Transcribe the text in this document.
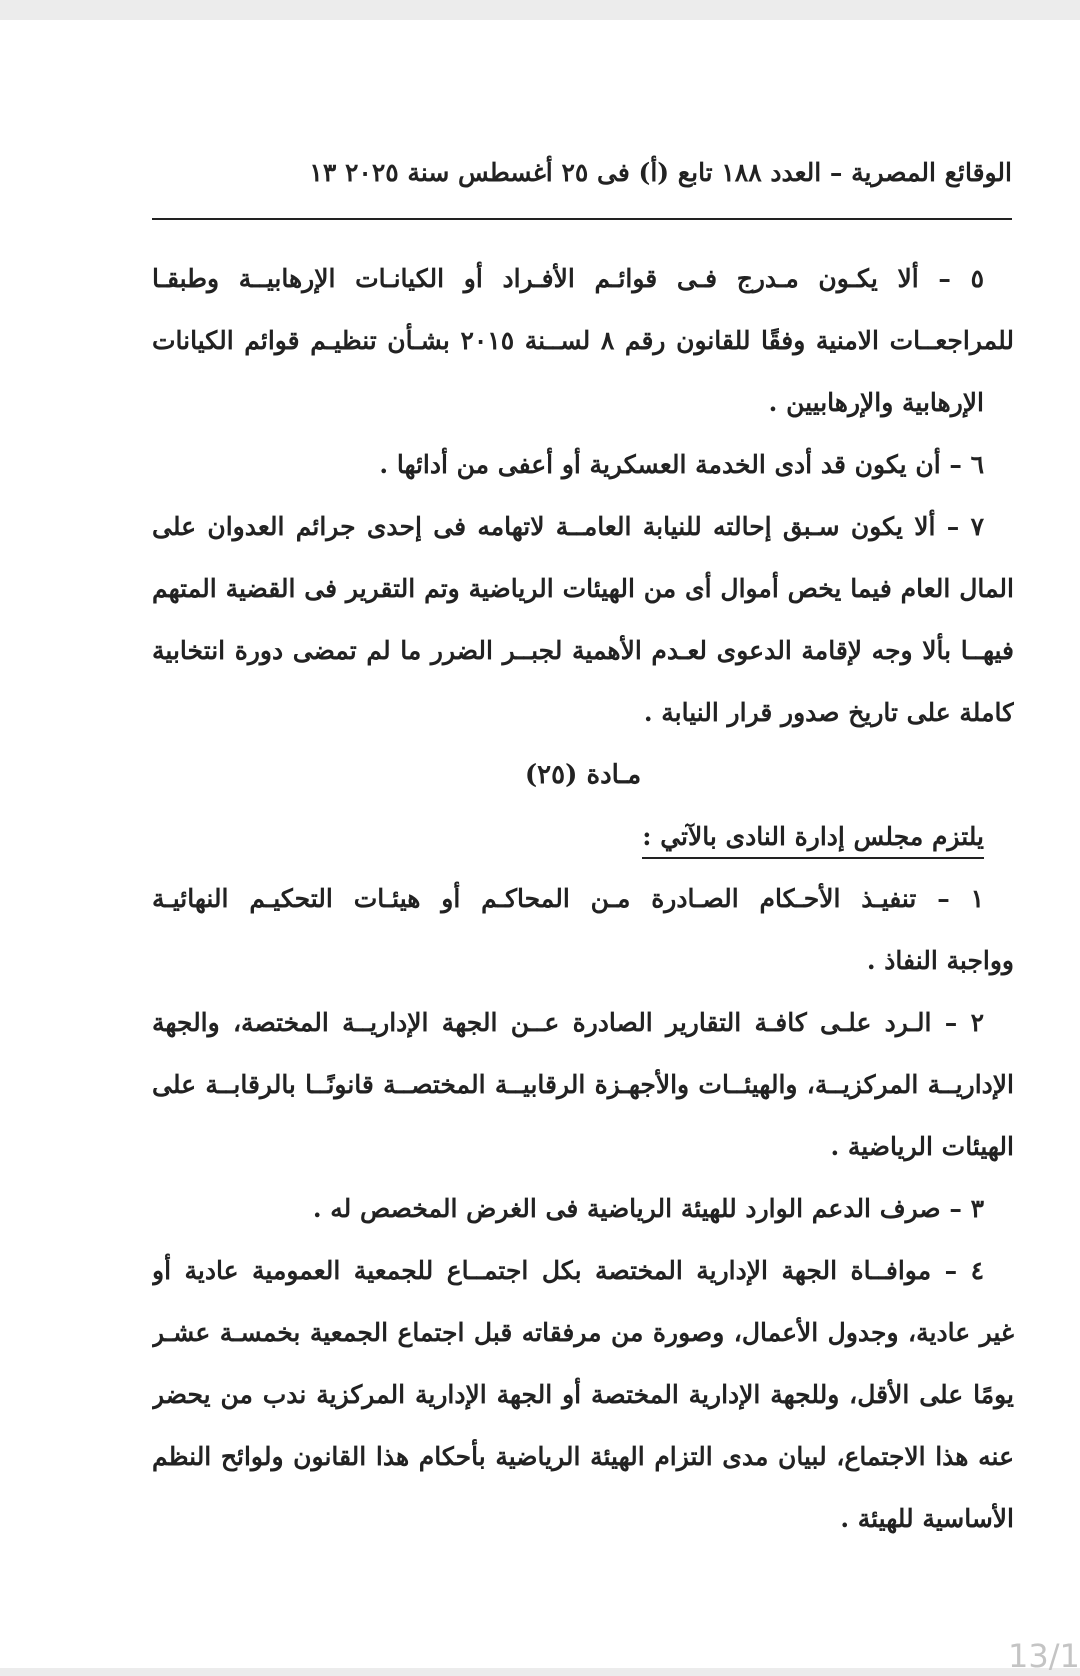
الوقائع المصرية – العدد ١٨٨ تابع (أ) فى ٢٥ أغسطس سنة ٢٠٢٥ ١٣
٥ – ألا يكـون مـدرج فـى قوائـم الأفـراد أو الكيانـات الإرهابيــة وطبقـا
للمراجعــات الامنية وفقًا للقانون رقم ٨ لســنة ٢٠١٥ بشـأن تنظيـم قوائم الكيانات
الإرهابية والإرهابيين .
٦ – أن يكون قد أدى الخدمة العسكرية أو أعفى من أدائها .
٧ – ألا يكون سـبق إحالته للنيابة العامــة لاتهامه فى إحدى جرائم العدوان على
المال العام فيما يخص أموال أى من الهيئات الرياضية وتم التقرير فى القضية المتهم
فيهــا بألا وجه لإقامة الدعوى لعـدم الأهمية لجبــر الضرر ما لم تمضى دورة انتخابية
كاملة على تاريخ صدور قرار النيابة .
مـادة (٢٥)
يلتزم مجلس إدارة النادى بالآتي :
١ – تنفيـذ الأحـكام الصـادرة مـن المحاكـم أو هيئـات التحكيـم النهائيـة
وواجبة النفاذ .
٢ – الـرد علـى كافـة التقارير الصادرة عــن الجهة الإداريــة المختصة، والجهة
الإداريــة المركزيــة، والهيئــات والأجهـزة الرقابيــة المختصــة قانونًــا بالرقابــة على
الهيئات الرياضية .
٣ – صرف الدعم الوارد للهيئة الرياضية فى الغرض المخصص له .
٤ – موافــاة الجهة الإدارية المختصة بكل اجتمــاع للجمعية العمومية عادية أو
غير عادية، وجدول الأعمال، وصورة من مرفقاته قبل اجتماع الجمعية بخمسـة عشـر
يومًا على الأقل، وللجهة الإدارية المختصة أو الجهة الإدارية المركزية ندب من يحضر
عنه هذا الاجتماع، لبيان مدى التزام الهيئة الرياضية بأحكام هذا القانون ولوائح النظم
الأساسية للهيئة .
13/1
